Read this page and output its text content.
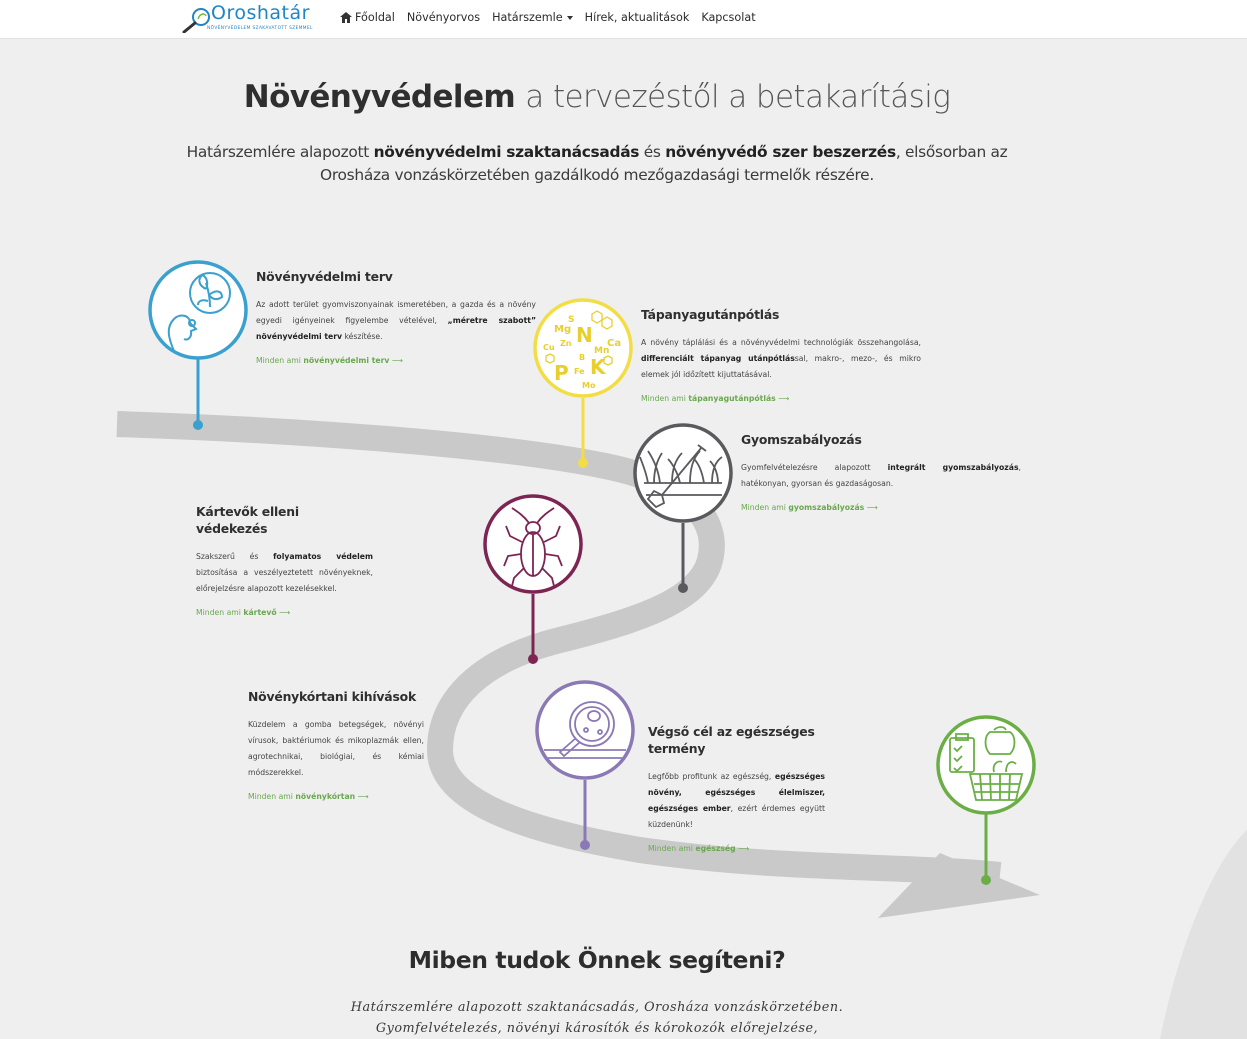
Oroshatár
NÖVÉNYVÉDELEM SZAKAVATOTT SZEMMEL
Főoldal Növényorvos Határszemle Hírek, aktualitások Kapcsolat
Növényvédelem a tervezéstől a betakarításig

Határszemlére alapozott növényvédelmi szaktanácsadás és növényvédő szer beszerzés, elsősorban az Orosháza vonzáskörzetében gazdálkodó mezőgazdasági termelők részére.

S
N
Mg
Cu Zn	Ca
Mn
P Fe K
B
Mo
Növényvédelmi terv

Az adott terület gyomviszonyainak ismeretében, a gazda és a növény egyedi igényeinek figyelembe vételével, „méretre szabott” növényvédelmi terv készítése.

Minden ami növényvédelmi terv ⟶
Tápanyagutánpótlás

A növény táplálási és a növényvédelmi technológiák összehangolása, differenciált tápanyag utánpótlással, makro-, mezo-, és mikro elemek jól időzített kijuttatásával.

Minden ami tápanyagutánpótlás ⟶
Gyomszabályozás

Gyomfelvételezésre alapozott integrált gyomszabályozás, hatékonyan, gyorsan és gazdaságosan.

Minden ami gyomszabályozás ⟶
Kártevők elleni védekezés

Szakszerű és folyamatos védelem biztosítása a veszélyeztetett növényeknek, előrejelzésre alapozott kezelésekkel.

Minden ami kártevő ⟶
Növénykórtani kihívások

Küzdelem a gomba betegségek, növényi vírusok, baktériumok és mikoplazmák ellen, agrotechnikai, biológiai, és kémiai módszerekkel.

Minden ami növénykórtan ⟶
Végső cél az egészséges termény

Legfőbb profitunk az egészség, egészséges növény, egészséges élelmiszer, egészséges ember, ezért érdemes együtt küzdenünk!

Minden ami egészség ⟶
Miben tudok Önnek segíteni?
Határszemlére alapozott szaktanácsadás, Orosháza vonzáskörzetében.
Gyomfelvételezés, növényi károsítók és kórokozók előrejelzése,
